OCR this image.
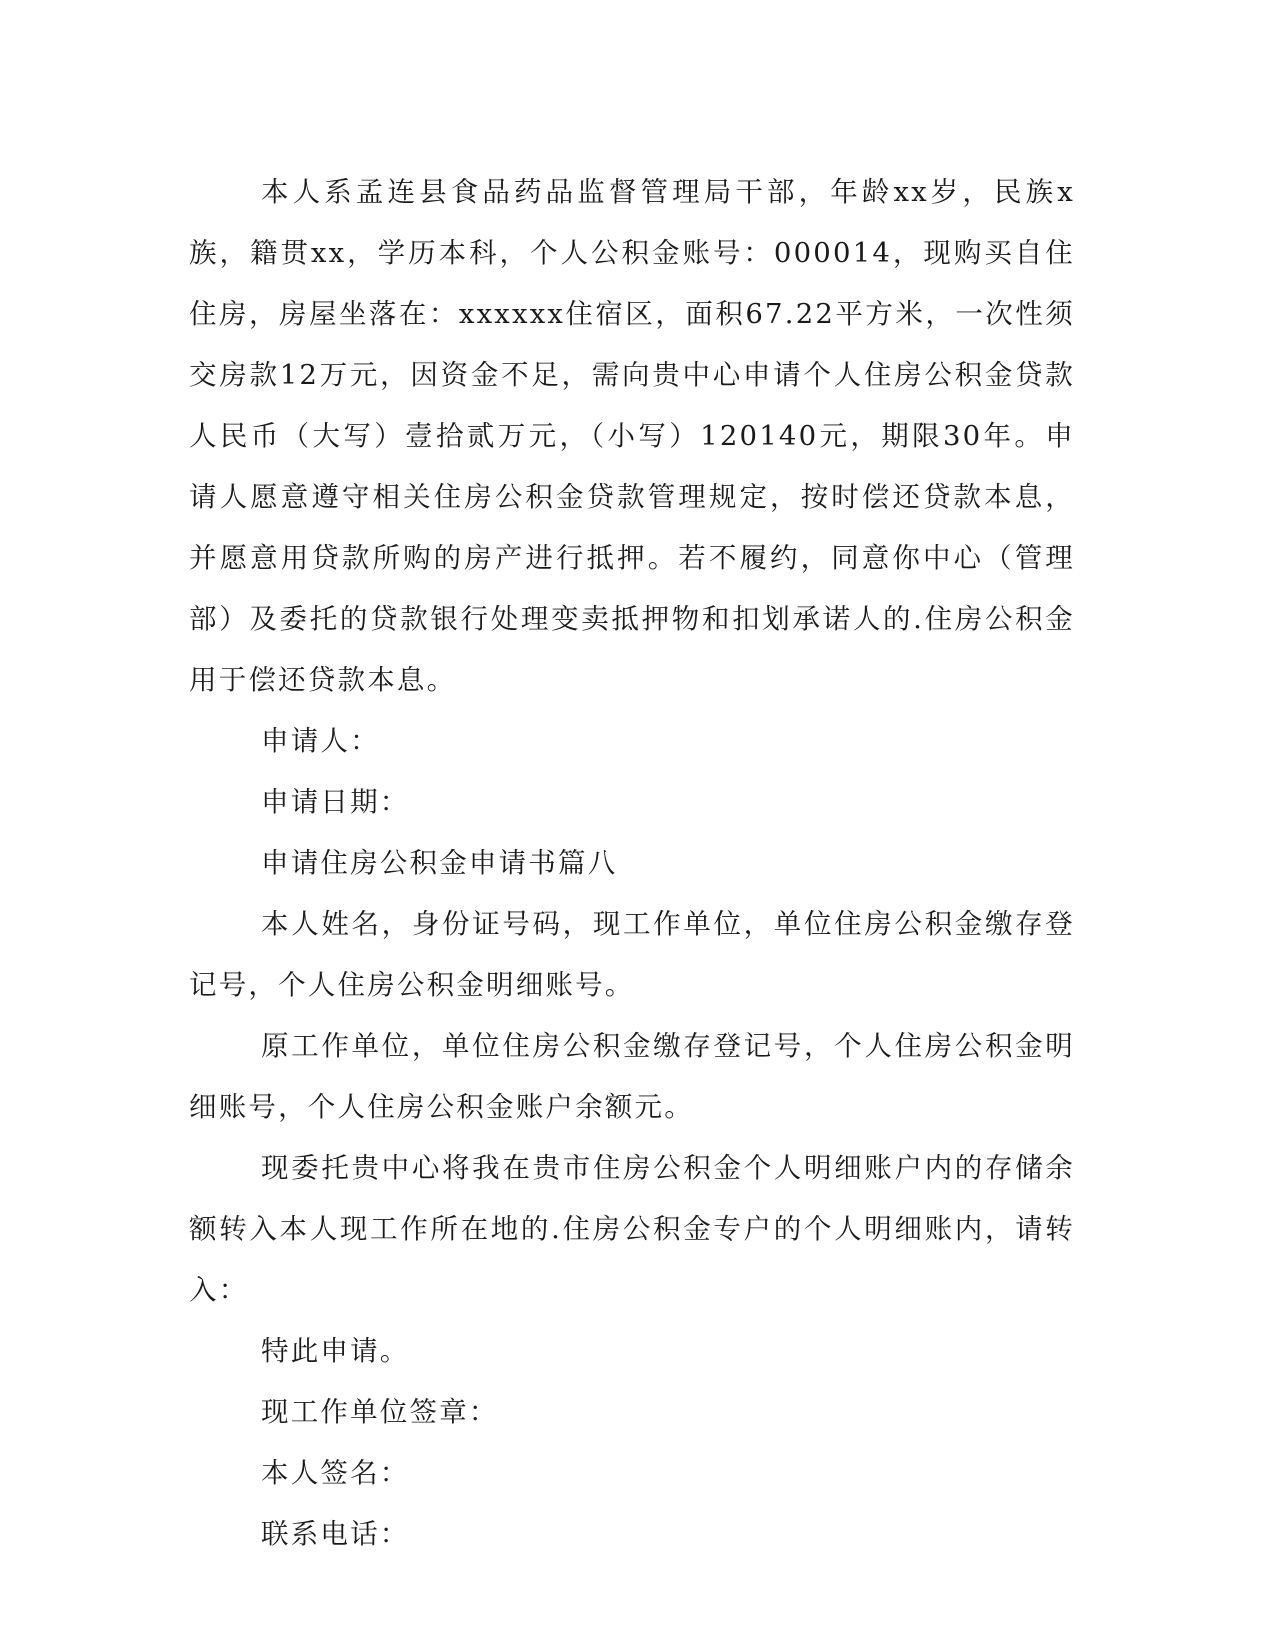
本人系孟连县食品药品监督管理局干部，年龄xx岁，民族x族，籍贯xx，学历本科，个人公积金账号：000014，现购买自住住房，房屋坐落在：xxxxxx住宿区，面积67.22平方米，一次性须交房款12万元，因资金不足，需向贵中心申请个人住房公积金贷款人民币（大写）壹拾贰万元，（小写）120140元，期限30年。申请人愿意遵守相关住房公积金贷款管理规定，按时偿还贷款本息，并愿意用贷款所购的房产进行抵押。若不履约，同意你中心（管理部）及委托的贷款银行处理变卖抵押物和扣划承诺人的.住房公积金用于偿还贷款本息。

申请人：

申请日期：

申请住房公积金申请书篇八

本人姓名，身份证号码，现工作单位，单位住房公积金缴存登记号，个人住房公积金明细账号。

原工作单位，单位住房公积金缴存登记号，个人住房公积金明细账号，个人住房公积金账户余额元。

现委托贵中心将我在贵市住房公积金个人明细账户内的存储余额转入本人现工作所在地的.住房公积金专户的个人明细账内，请转入：

特此申请。

现工作单位签章：

本人签名：

联系电话：
